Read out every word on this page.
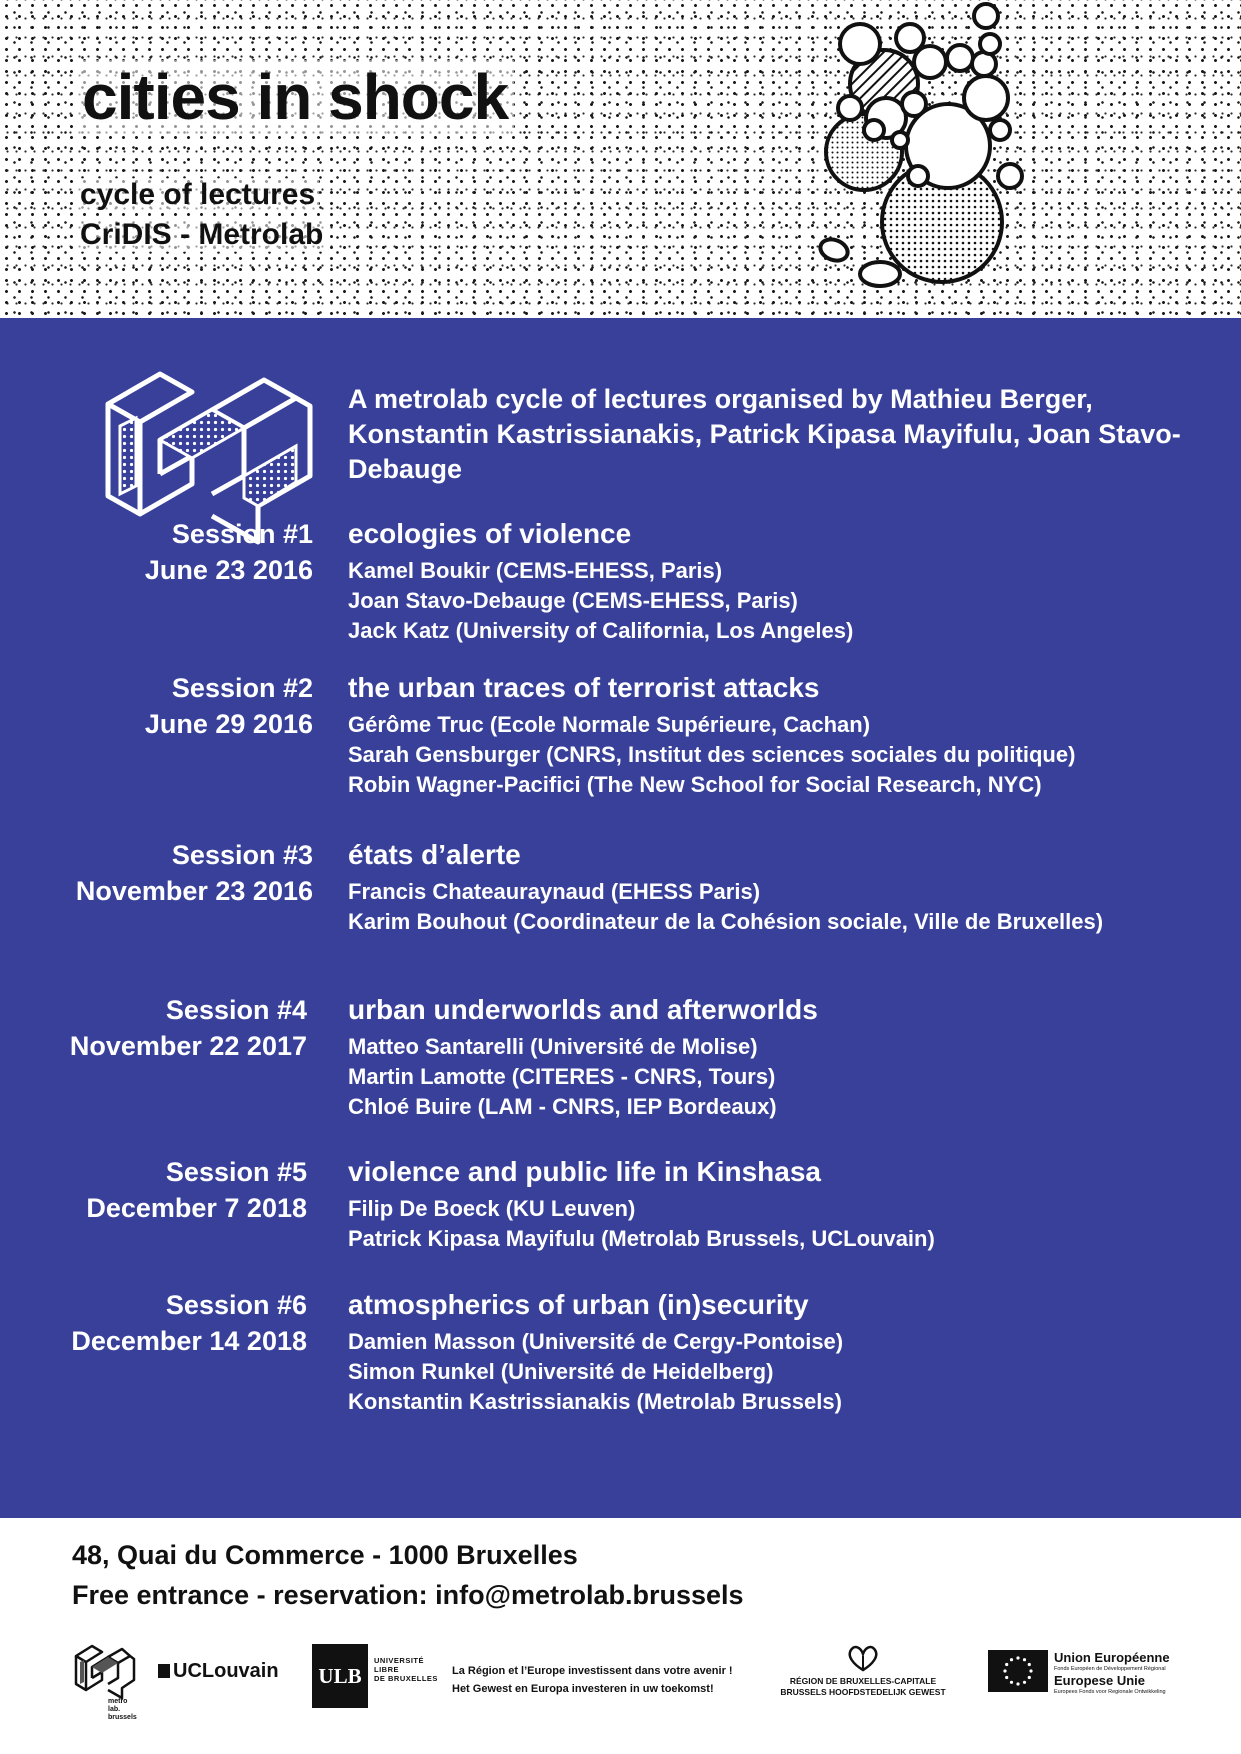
cities in shock
cycle of lectures
CriDIS - Metrolab
A metrolab cycle of lectures organised by Mathieu Berger, Konstantin Kastrissianakis, Patrick Kipasa Mayifulu, Joan Stavo-Debauge
Session #1
June 23 2016
ecologies of violence
Kamel Boukir (CEMS-EHESS, Paris)
Joan Stavo-Debauge (CEMS-EHESS, Paris)
Jack Katz (University of California, Los Angeles)
Session #2
June 29 2016
the urban traces of terrorist attacks
Gérôme Truc (Ecole Normale Supérieure, Cachan)
Sarah Gensburger (CNRS, Institut des sciences sociales du politique)
Robin Wagner-Pacifici (The New School for Social Research, NYC)
Session #3
November 23 2016
états d’alerte
Francis Chateauraynaud (EHESS Paris)
Karim Bouhout (Coordinateur de la Cohésion sociale, Ville de Bruxelles)
Session #4
November 22 2017
urban underworlds and afterworlds
Matteo Santarelli (Université de Molise)
Martin Lamotte (CITERES - CNRS, Tours)
Chloé Buire (LAM - CNRS, IEP Bordeaux)
Session #5
December 7 2018
violence and public life in Kinshasa
Filip De Boeck (KU Leuven)
Patrick Kipasa Mayifulu (Metrolab Brussels, UCLouvain)
Session #6
December 14 2018
atmospherics of urban (in)security
Damien Masson (Université de Cergy-Pontoise)
Simon Runkel (Université de Heidelberg)
Konstantin Kastrissianakis (Metrolab Brussels)
48, Quai du Commerce - 1000 Bruxelles
Free entrance - reservation: info@metrolab.brussels
metro
lab.
brussels
UCLouvain	ULB
UNIVERSITÉ
LIBRE
DE BRUXELLES
La Région et l’Europe investissent dans votre avenir !
Het Gewest en Europa investeren in uw toekomst!
RÉGION DE BRUXELLES-CAPITALE
BRUSSELS HOOFDSTEDELIJK GEWEST
Union Européenne
Fonds Européen de Développement Régional
Europese Unie
Europees Fonds voor Regionale Ontwikkeling
